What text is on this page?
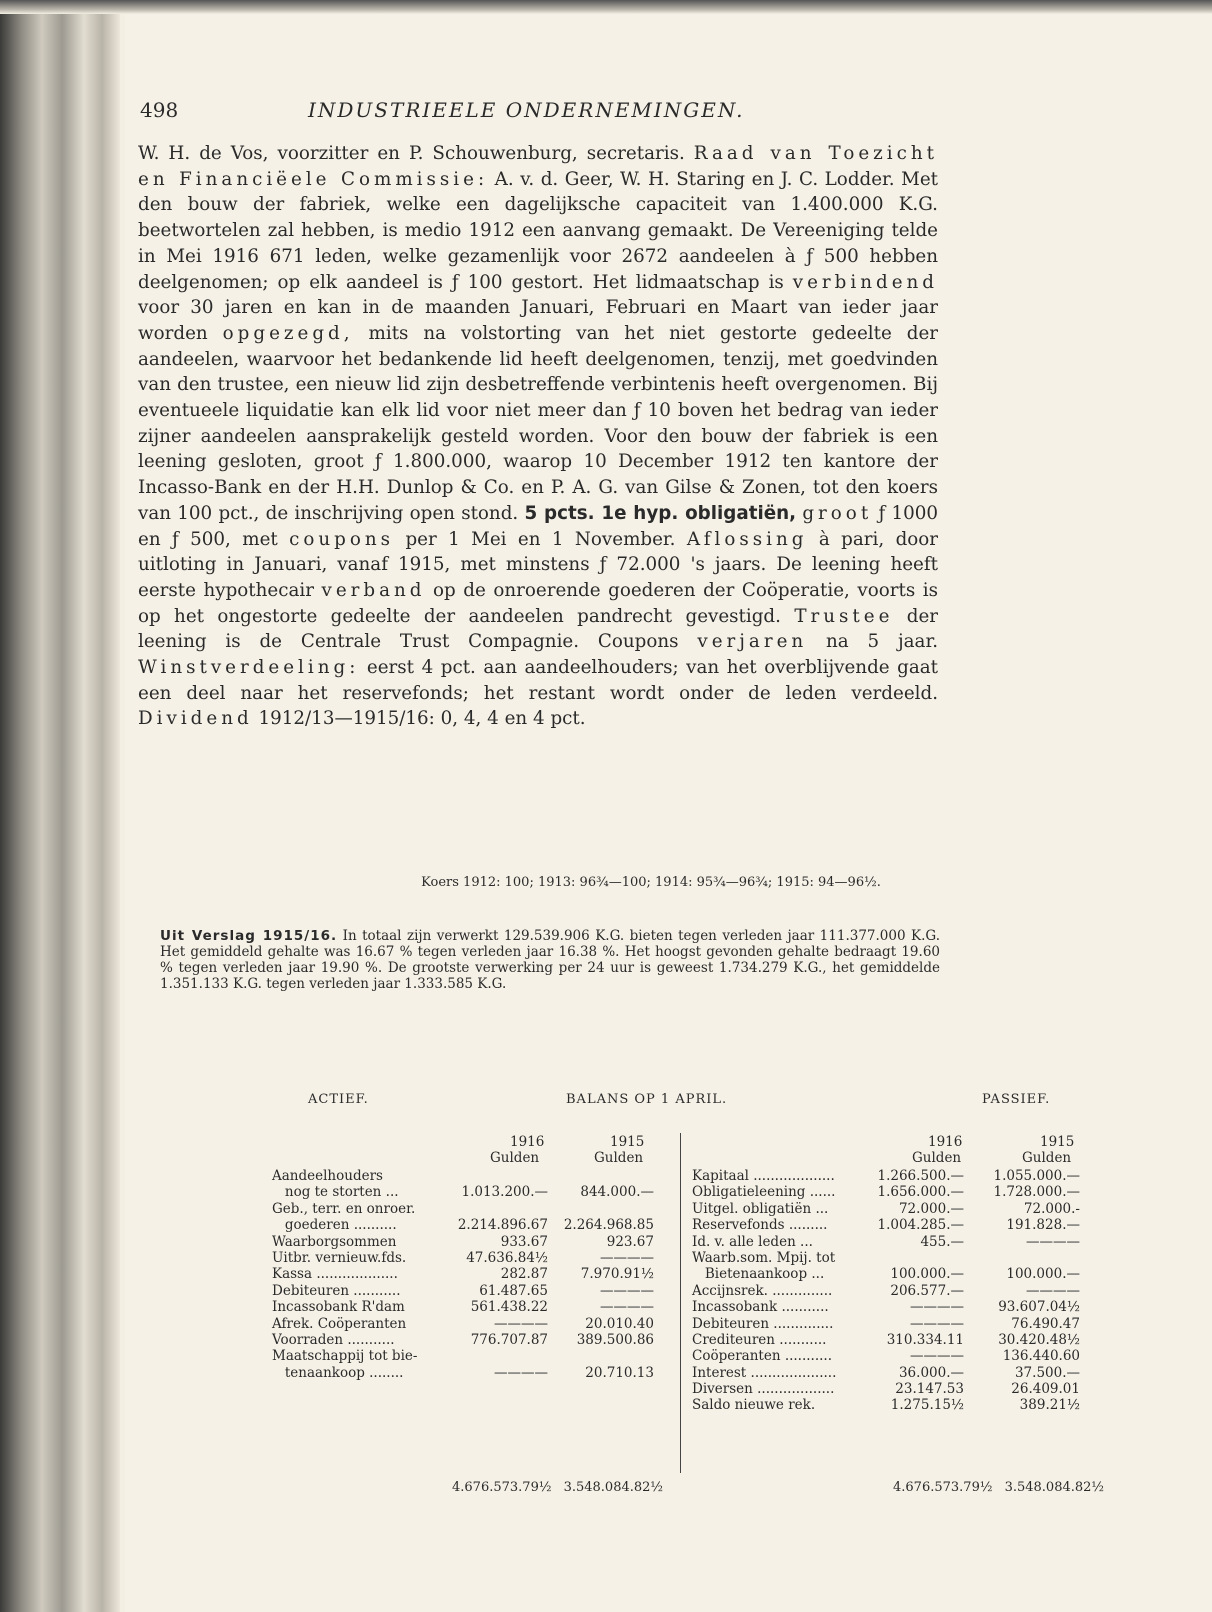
498	INDUSTRIEELE ONDERNEMINGEN.

W. H. de Vos, voorzitter en P. Schouwenburg, secretaris. Raad van Toezicht en Financiëele Commissie: A. v. d. Geer, W. H. Staring en J. C. Lodder. Met den bouw der fabriek, welke een dagelijksche capaciteit van 1.400.000 K.G. beetwortelen zal hebben, is medio 1912 een aanvang gemaakt. De Vereeniging telde in Mei 1916 671 leden, welke gezamenlijk voor 2672 aandeelen à ƒ 500 hebben deelgenomen; op elk aandeel is ƒ 100 gestort. Het lidmaatschap is verbindend voor 30 jaren en kan in de maanden Januari, Februari en Maart van ieder jaar worden opgezegd, mits na volstorting van het niet gestorte gedeelte der aandeelen, waarvoor het bedankende lid heeft deelgenomen, tenzij, met goedvinden van den trustee, een nieuw lid zijn desbetreffende verbintenis heeft overgenomen. Bij eventueele liquidatie kan elk lid voor niet meer dan ƒ 10 boven het bedrag van ieder zijner aandeelen aansprakelijk gesteld worden. Voor den bouw der fabriek is een leening gesloten, groot ƒ 1.800.000, waarop 10 December 1912 ten kantore der Incasso-Bank en der H.H. Dunlop & Co. en P. A. G. van Gilse & Zonen, tot den koers van 100 pct., de inschrijving open stond. 5 pcts. 1e hyp. obligatiën, groot ƒ 1000 en ƒ 500, met coupons per 1 Mei en 1 November. Aflossing à pari, door uitloting in Januari, vanaf 1915, met minstens ƒ 72.000 's jaars. De leening heeft eerste hypothecair verband op de onroerende goederen der Coöperatie, voorts is op het ongestorte gedeelte der aandeelen pandrecht gevestigd. Trustee der leening is de Centrale Trust Compagnie. Coupons verjaren na 5 jaar. Winstverdeeling: eerst 4 pct. aan aandeelhouders; van het overblijvende gaat een deel naar het reservefonds; het restant wordt onder de leden verdeeld. Dividend 1912/13—1915/16: 0, 4, 4 en 4 pct.

Koers 1912: 100; 1913: 96¾—100; 1914: 95¾—96¾; 1915: 94—96½.
Uit Verslag 1915/16. In totaal zijn verwerkt 129.539.906 K.G. bieten tegen verleden jaar 111.377.000 K.G. Het gemiddeld gehalte was 16.67 % tegen verleden jaar 16.38 %. Het hoogst gevonden gehalte bedraagt 19.60 % tegen verleden jaar 19.90 %. De grootste verwerking per 24 uur is geweest 1.734.279 K.G., het gemiddelde 1.351.133 K.G. tegen verleden jaar 1.333.585 K.G.
ACTIEF.	BALANS OP 1 APRIL.	PASSIEF.
1916	1915
Gulden	Gulden
1916	1915
Gulden	Gulden
Aandeelhouders
nog te storten ...	1.013.200.—	844.000.—
Geb., terr. en onroer.
goederen ..........	2.214.896.67	2.264.968.85
Waarborgsommen	933.67	923.67
Uitbr. vernieuw.fds.	47.636.84½	————
Kassa ...................	282.87	7.970.91½
Debiteuren ...........	61.487.65	————
Incassobank R'dam	561.438.22	————
Afrek. Coöperanten	————	20.010.40
Voorraden ...........	776.707.87	389.500.86
Maatschappij tot bie-
tenaankoop ........	————	20.710.13
Kapitaal ...................	1.266.500.—	1.055.000.—
Obligatieleening ......	1.656.000.—	1.728.000.—
Uitgel. obligatiën ...	72.000.—	72.000.-
Reservefonds .........	1.004.285.—	191.828.—
Id. v. alle leden ...	455.—	————
Waarb.som. Mpij. tot
Bietenaankoop ...	100.000.—	100.000.—
Accijnsrek. ..............	206.577.—	————
Incassobank ...........	————	93.607.04½
Debiteuren ..............	————	76.490.47
Crediteuren ...........	310.334.11	30.420.48½
Coöperanten ...........	————	136.440.60
Interest ....................	36.000.—	37.500.—
Diversen ..................	23.147.53	26.409.01
Saldo nieuwe rek.	1.275.15½	389.21½
4.676.573.79½ 3.548.084.82½	4.676.573.79½ 3.548.084.82½
